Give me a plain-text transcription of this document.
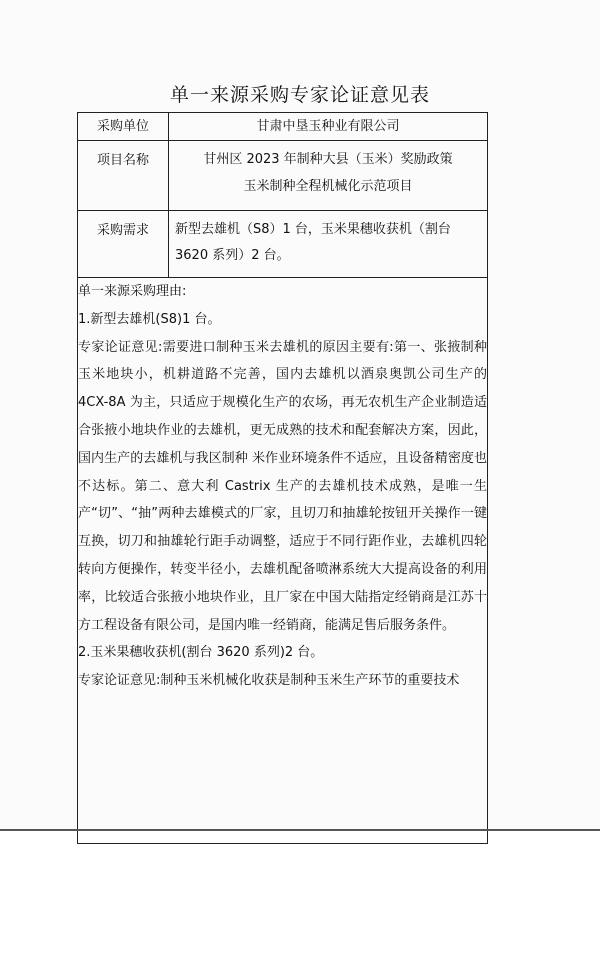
单一来源采购专家论证意见表
采购单位	甘肃中垦玉种业有限公司
项目名称	甘州区 2023 年制种大县（玉米）奖励政策
玉米制种全程机械化示范项目

采购需求	新型去雄机（S8）1 台，玉米果穗收获机（割台 3620 系列）2 台。

单一来源采购理由:

1.新型去雄机(S8)1 台。

专家论证意见:需要进口制种玉米去雄机的原因主要有:第一、张掖制种玉米地块小，机耕道路不完善，国内去雄机以酒泉奥凯公司生产的 4CX-8A 为主，只适应于规模化生产的农场，再无农机生产企业制造适合张掖小地块作业的去雄机，更无成熟的技术和配套解决方案，因此，国内生产的去雄机与我区制种 米作业环境条件不适应，且设备精密度也不达标。第二、意大利 Castrix 生产的去雄机技术成熟，是唯一生产“切”、“抽”两种去雄模式的厂家，且切刀和抽雄轮按钮开关操作一键互换，切刀和抽雄轮行距手动调整，适应于不同行距作业，去雄机四轮转向方便操作，转变半径小，去雄机配备喷淋系统大大提高设备的利用率，比较适合张掖小地块作业，且厂家在中国大陆指定经销商是江苏十方工程设备有限公司，是国内唯一经销商，能满足售后服务条件。

2.玉米果穗收获机(割台 3620 系列)2 台。

专家论证意见:制种玉米机械化收获是制种玉米生产环节的重要技术	
